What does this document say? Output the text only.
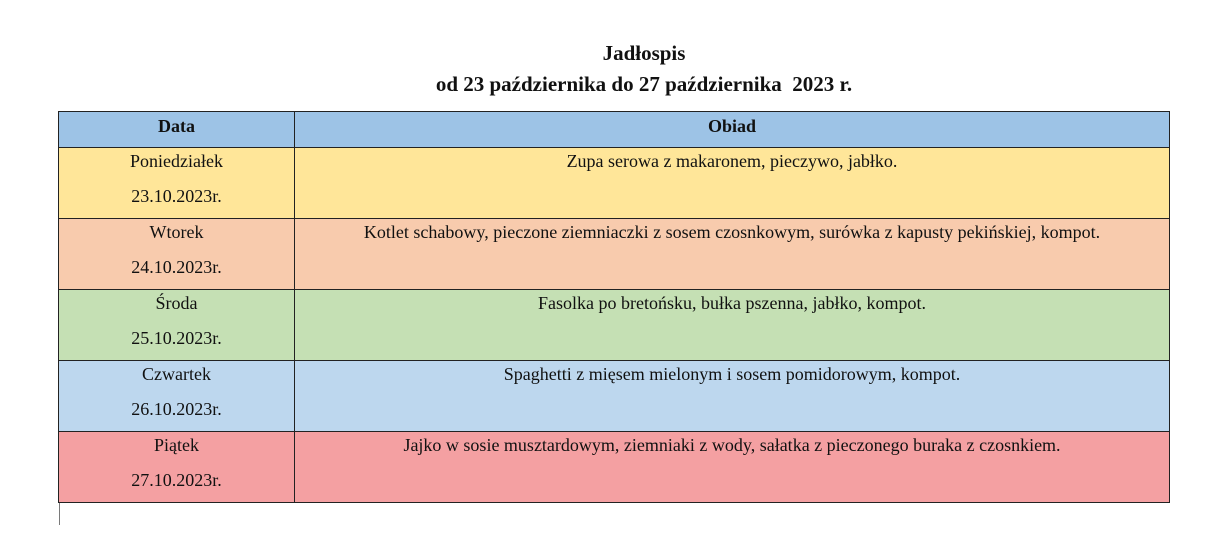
Jadłospis
od 23 października do 27 października  2023 r.
Data	Obiad

Poniedziałek
23.10.2023r.	Zupa serowa z makaronem, pieczywo, jabłko.

Wtorek
24.10.2023r.	Kotlet schabowy, pieczone ziemniaczki z sosem czosnkowym, surówka z kapusty pekińskiej, kompot.

Środa
25.10.2023r.	Fasolka po bretońsku, bułka pszenna, jabłko, kompot.

Czwartek
26.10.2023r.	Spaghetti z mięsem mielonym i sosem pomidorowym, kompot.

Piątek
27.10.2023r.	Jajko w sosie musztardowym, ziemniaki z wody, sałatka z pieczonego buraka z czosnkiem.
